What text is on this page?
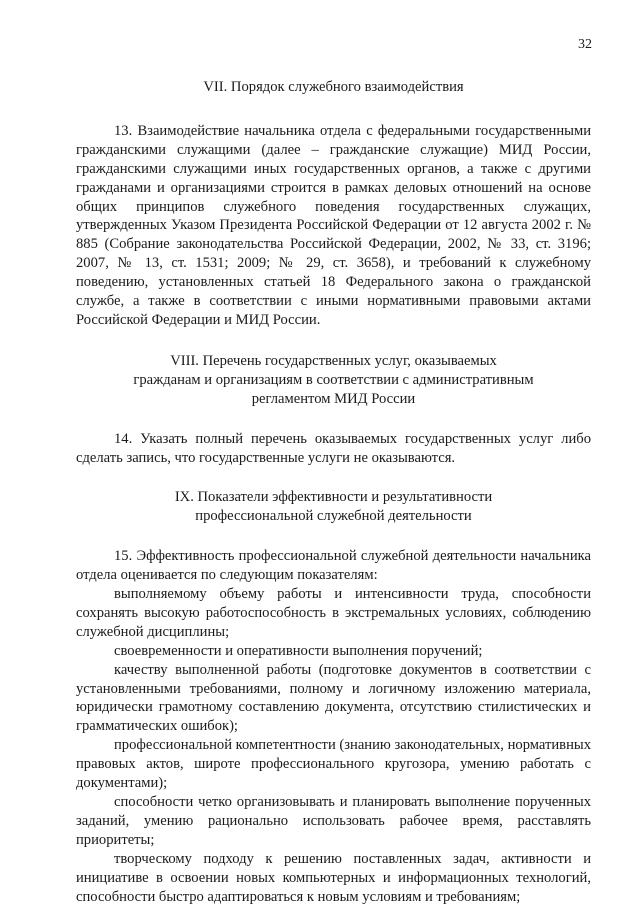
32

VII. Порядок служебного взаимодействия

13. Взаимодействие начальника отдела с федеральными государственными гражданскими служащими (далее – гражданские служащие) МИД России, гражданскими служащими иных государственных органов, а также с другими гражданами и организациями строится в рамках деловых отношений на основе общих принципов служебного поведения государственных служащих, утвержденных Указом Президента Российской Федерации от 12 августа 2002 г. № 885 (Собрание законодательства Российской Федерации, 2002, № 33, ст. 3196; 2007, № 13, ст. 1531; 2009; № 29, ст. 3658), и требований к служебному поведению, установленных статьей 18 Федерального закона о гражданской службе, а также в соответствии с иными нормативными правовыми актами Российской Федерации и МИД России.

VIII. Перечень государственных услуг, оказываемых
гражданам и организациям в соответствии с административным
регламентом МИД России

14. Указать полный перечень оказываемых государственных услуг либо сделать запись, что государственные услуги не оказываются.

IX. Показатели эффективности и результативности
профессиональной служебной деятельности

15. Эффективность профессиональной служебной деятельности начальника отдела оценивается по следующим показателям:

выполняемому объему работы и интенсивности труда, способности сохранять высокую работоспособность в экстремальных условиях, соблюдению служебной дисциплины;

своевременности и оперативности выполнения поручений;

качеству выполненной работы (подготовке документов в соответствии с установленными требованиями, полному и логичному изложению материала, юридически грамотному составлению документа, отсутствию стилистических и грамматических ошибок);

профессиональной компетентности (знанию законодательных, нормативных правовых актов, широте профессионального кругозора, умению работать с документами);

способности четко организовывать и планировать выполнение порученных заданий, умению рационально использовать рабочее время, расставлять приоритеты;

творческому подходу к решению поставленных задач, активности и инициативе в освоении новых компьютерных и информационных технологий, способности быстро адаптироваться к новым условиям и требованиям;
